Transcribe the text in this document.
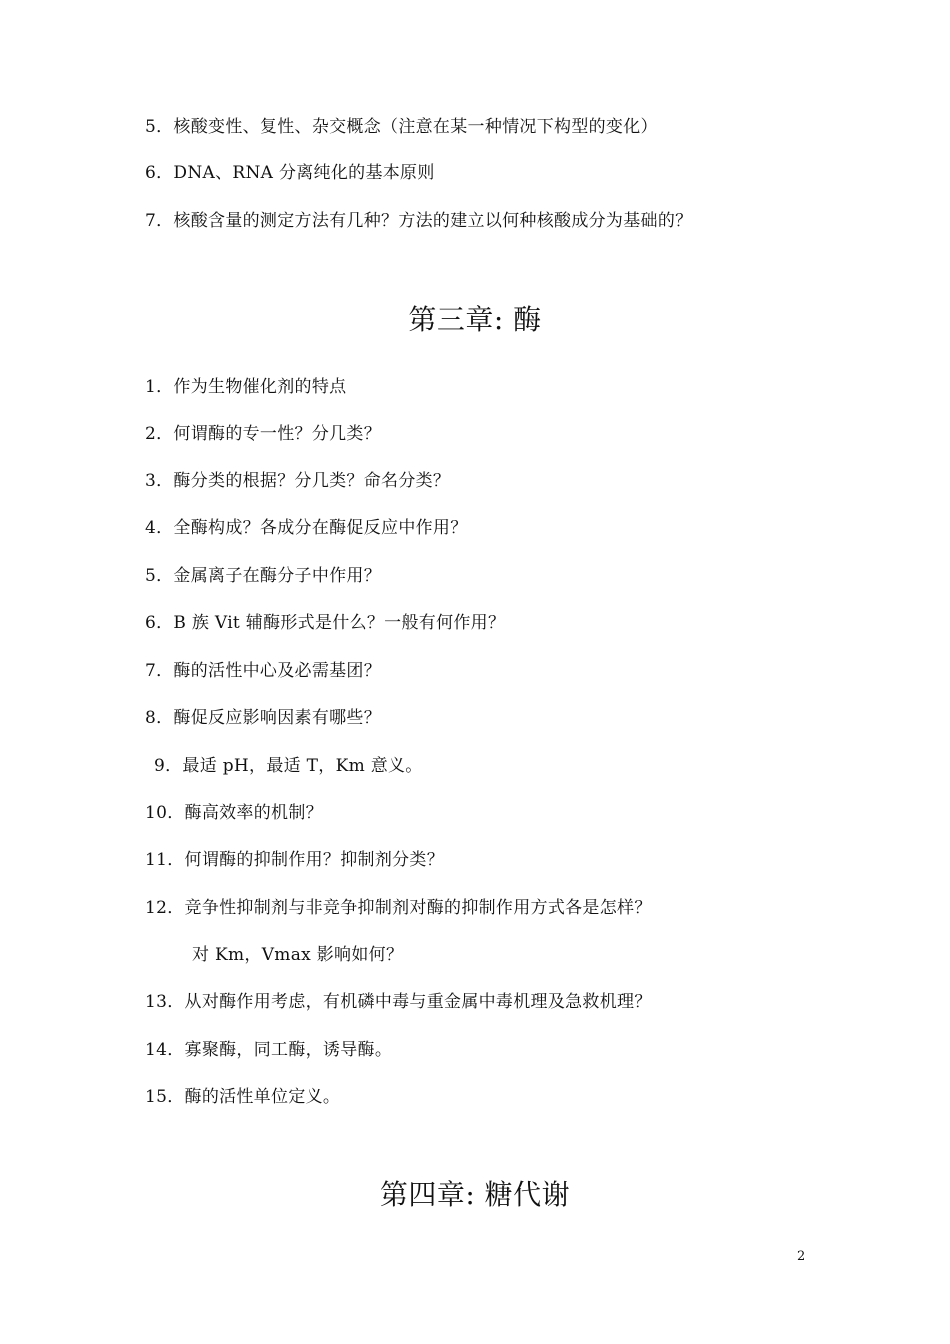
5．核酸变性、复性、杂交概念（注意在某一种情况下构型的变化）
6．DNA、RNA 分离纯化的基本原则
7．核酸含量的测定方法有几种？方法的建立以何种核酸成分为基础的？
第三章: 酶
1．作为生物催化剂的特点
2．何谓酶的专一性？分几类？
3．酶分类的根据？分几类？命名分类？
4．全酶构成？各成分在酶促反应中作用？
5．金属离子在酶分子中作用？
6．B 族 Vit 辅酶形式是什么？一般有何作用？
7．酶的活性中心及必需基团？
8．酶促反应影响因素有哪些？
9．最适 pH，最适 T，Km 意义。
10．酶高效率的机制？
11．何谓酶的抑制作用？抑制剂分类？
12．竞争性抑制剂与非竞争抑制剂对酶的抑制作用方式各是怎样？
对 Km，Vmax 影响如何？
13．从对酶作用考虑，有机磷中毒与重金属中毒机理及急救机理？
14．寡聚酶，同工酶，诱导酶。
15．酶的活性单位定义。
第四章: 糖代谢
2
